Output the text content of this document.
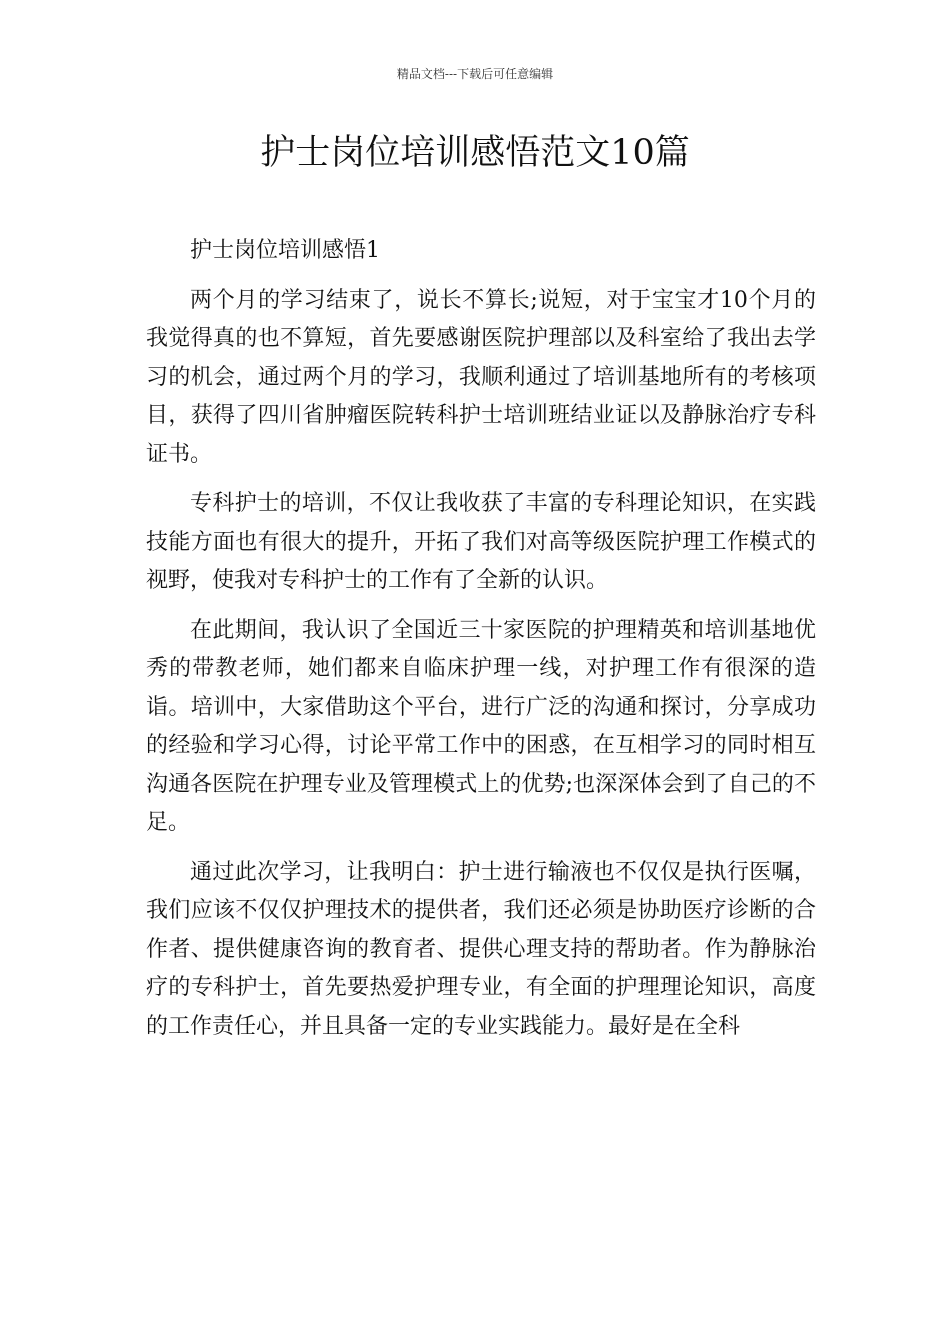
精品文档---下载后可任意编辑
护士岗位培训感悟范文10篇

护士岗位培训感悟1

两个月的学习结束了，说长不算长;说短，对于宝宝才10个月的我觉得真的也不算短，首先要感谢医院护理部以及科室给了我出去学习的机会，通过两个月的学习，我顺利通过了培训基地所有的考核项目，获得了四川省肿瘤医院转科护士培训班结业证以及静脉治疗专科证书。

专科护士的培训，不仅让我收获了丰富的专科理论知识，在实践技能方面也有很大的提升，开拓了我们对高等级医院护理工作模式的视野，使我对专科护士的工作有了全新的认识。

在此期间，我认识了全国近三十家医院的护理精英和培训基地优秀的带教老师，她们都来自临床护理一线，对护理工作有很深的造诣。培训中，大家借助这个平台，进行广泛的沟通和探讨，分享成功的经验和学习心得，讨论平常工作中的困惑，在互相学习的同时相互沟通各医院在护理专业及管理模式上的优势;也深深体会到了自己的不足。

通过此次学习，让我明白：护士进行输液也不仅仅是执行医嘱，我们应该不仅仅护理技术的提供者，我们还必须是协助医疗诊断的合作者、提供健康咨询的教育者、提供心理支持的帮助者。作为静脉治疗的专科护士，首先要热爱护理专业，有全面的护理理论知识，高度的工作责任心，并且具备一定的专业实践能力。最好是在全科
